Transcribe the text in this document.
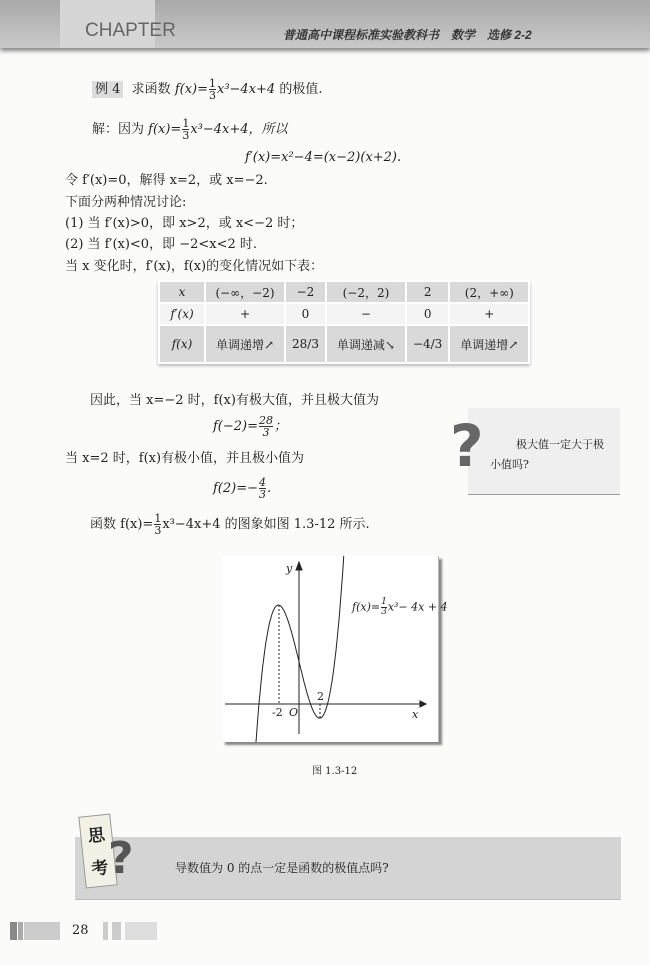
CHAPTER	普通高中课程标准实验教科书　数学　选修 2-2
例 4 求函数 $f(x)= \frac{1}{3} x^3-4x+4$ 的极值.
解：因为 $f(x)= \frac{1}{3} x^3-4x+4$，所以
f′(x)=x²−4=(x−2)(x+2).
令 f′(x)=0，解得 x=2，或 x=−2.
下面分两种情况讨论:
(1) 当 f′(x)>0，即 x>2，或 x<−2 时；
(2) 当 f′(x)<0，即 −2<x<2 时.
当 x 变化时，f′(x)，f(x)的变化情况如下表：
x	(−∞，−2)	−2	(−2，2)	2	(2，+∞)
f′(x)	+	0	−	0	+
f(x)	单调递增↗	28/3	单调递减↘	−4/3	单调递增↗
因此，当 x=−2 时，f(x)有极大值，并且极大值为
$f(-2)= \frac{28}{3}$ ；
当 x=2 时，f(x)有极小值，并且极小值为
$f(2)=- \frac{4}{3}$ .
函数 $f(x)= \frac{1}{3} x^3-4x+4$ 的图象如图 1.3-12 所示.
极大值一定大于极
小值吗?
?
y
x
O
-2
2
$f(x)= \frac{1}{3} x^3- 4x + 4$
图 1.3-12
导数值为 0 的点一定是函数的极值点吗?
思
考
?
28
